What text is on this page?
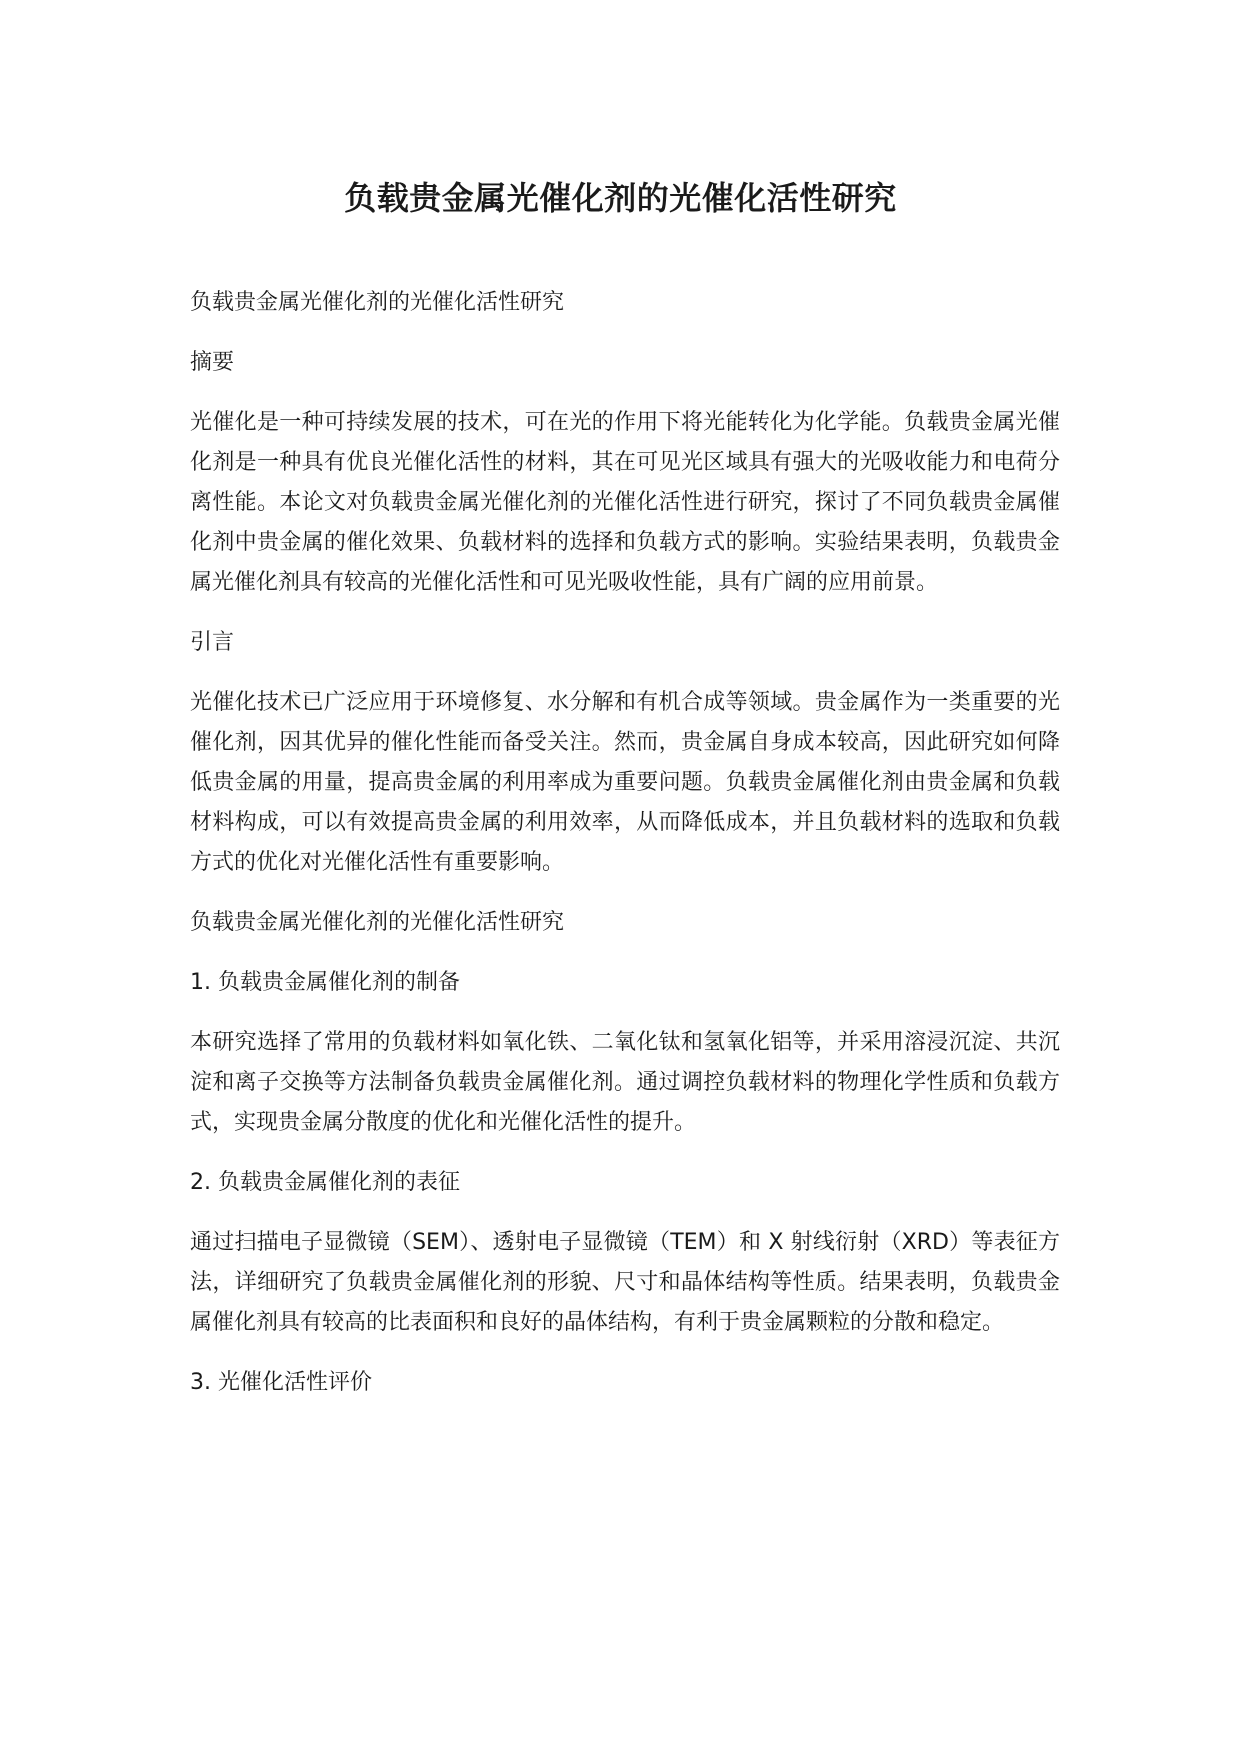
负载贵金属光催化剂的光催化活性研究

负载贵金属光催化剂的光催化活性研究

摘要

光催化是一种可持续发展的技术，可在光的作用下将光能转化为化学能。负载贵金属光催化剂是一种具有优良光催化活性的材料，其在可见光区域具有强大的光吸收能力和电荷分离性能。本论文对负载贵金属光催化剂的光催化活性进行研究，探讨了不同负载贵金属催化剂中贵金属的催化效果、负载材料的选择和负载方式的影响。实验结果表明，负载贵金属光催化剂具有较高的光催化活性和可见光吸收性能，具有广阔的应用前景。

引言

光催化技术已广泛应用于环境修复、水分解和有机合成等领域。贵金属作为一类重要的光催化剂，因其优异的催化性能而备受关注。然而，贵金属自身成本较高，因此研究如何降低贵金属的用量，提高贵金属的利用率成为重要问题。负载贵金属催化剂由贵金属和负载材料构成，可以有效提高贵金属的利用效率，从而降低成本，并且负载材料的选取和负载方式的优化对光催化活性有重要影响。

负载贵金属光催化剂的光催化活性研究

1. 负载贵金属催化剂的制备

本研究选择了常用的负载材料如氧化铁、二氧化钛和氢氧化铝等，并采用溶浸沉淀、共沉淀和离子交换等方法制备负载贵金属催化剂。通过调控负载材料的物理化学性质和负载方式，实现贵金属分散度的优化和光催化活性的提升。

2. 负载贵金属催化剂的表征

通过扫描电子显微镜（SEM）、透射电子显微镜（TEM）和 X 射线衍射（XRD）等表征方法，详细研究了负载贵金属催化剂的形貌、尺寸和晶体结构等性质。结果表明，负载贵金属催化剂具有较高的比表面积和良好的晶体结构，有利于贵金属颗粒的分散和稳定。

3. 光催化活性评价
